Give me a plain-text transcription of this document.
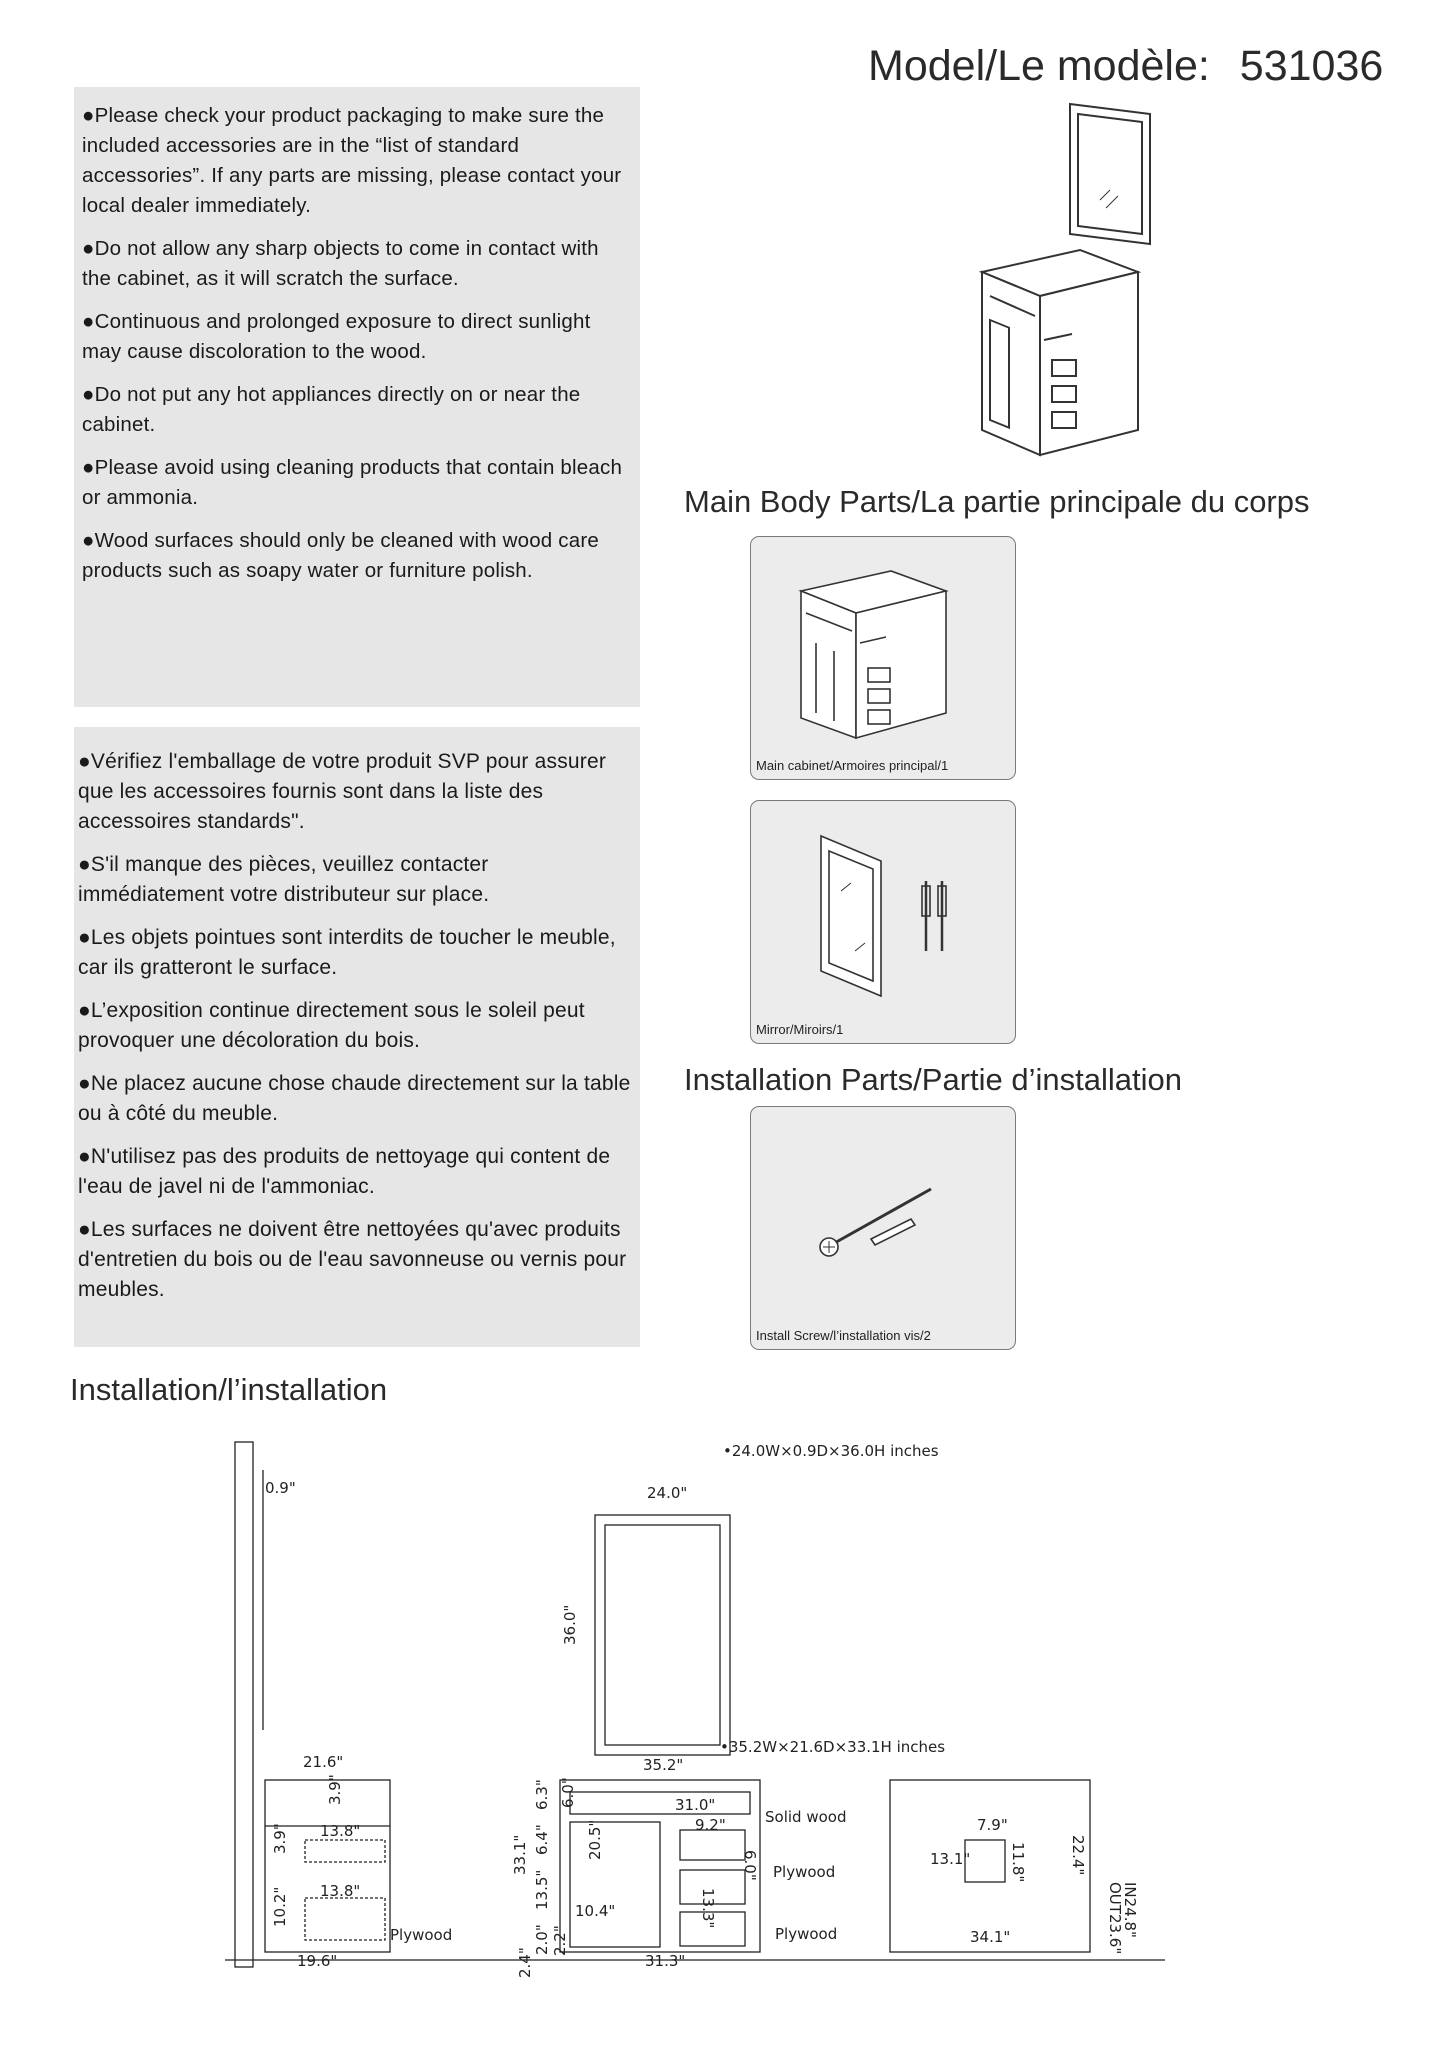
Model/Le modèle: 531036

●Please check your product packaging to make sure the included accessories are in the “list of standard accessories”. If any parts are missing, please contact your local dealer immediately.

●Do not allow any sharp objects to come in contact with the cabinet, as it will scratch the surface.

●Continuous and prolonged exposure to direct sunlight may cause discoloration to the wood.

●Do not put any hot appliances directly on or near the cabinet.

●Please avoid using cleaning products that contain bleach or ammonia.

●Wood surfaces should only be cleaned with wood care products such as soapy water or furniture polish.

●Vérifiez l'emballage de votre produit SVP pour assurer que les accessoires fournis sont dans la liste des accessoires standards".

●S'il manque des pièces, veuillez contacter immédiatement votre distributeur sur place.

●Les objets pointues sont interdits de toucher le meuble, car ils gratteront le surface.

●L’exposition continue directement sous le soleil peut provoquer une décoloration du bois.

●Ne placez aucune chose chaude directement sur la table ou à côté du meuble.

●N'utilisez pas des produits de nettoyage qui content de l'eau de javel ni de l'ammoniac.

●Les surfaces ne doivent être nettoyées qu'avec produits d'entretien du bois ou de l'eau savonneuse ou vernis pour meubles.

Main Body Parts/La partie principale du corps
Main cabinet/Armoires principal/1
Mirror/Miroirs/1
Installation Parts/Partie d’installation
Install Screw/l’installation vis/2
Installation/l’installation
•24.0W×0.9D×36.0H inches
24.0"
36.0"
0.9"
•35.2W×21.6D×33.1H inches
35.2"
21.6"
33.1"
3.9"
13.8"
3.9"
13.8"
10.2"
19.6"
Plywood
31.0"
Solid wood
6.0"
6.0"
6.3"
6.4"
13.5"
20.5"
10.4"
9.2"
13.3"
2.0"
2.4"
2.2"
31.3"
Plywood
Plywood
7.9"
13.1"	11.8"	22.4"
34.1"	IN24.8"
OUT23.6"
